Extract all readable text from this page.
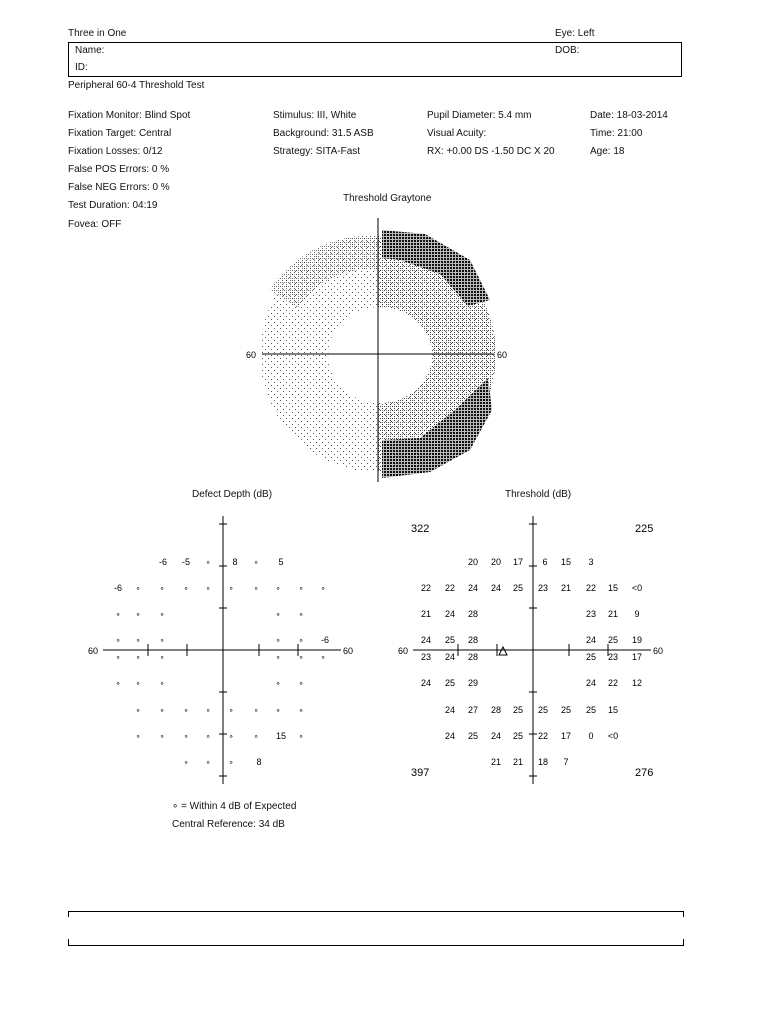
Three in One	Eye: Left
Name:	DOB:
ID:
Peripheral 60-4 Threshold Test
Fixation Monitor: Blind Spot
Fixation Target: Central
Fixation Losses: 0/12
False POS Errors: 0 %
False NEG Errors: 0 %
Test Duration: 04:19
Fovea: OFF
Stimulus: III, White
Background: 31.5 ASB
Strategy: SITA-Fast
Pupil Diameter: 5.4 mm
Visual Acuity:
RX: +0.00 DS -1.50 DC X 20
Date: 18-03-2014
Time: 21:00
Age: 18
Threshold Graytone
60	60
Defect Depth (dB)
60	60
-6 -5 ∘ 8 ∘ 5
-6 ∘ ∘ ∘ ∘ ∘ ∘ ∘ ∘ ∘
∘ ∘ ∘	∘ ∘
∘ ∘ ∘	∘ ∘ -6
∘ ∘ ∘	∘ ∘ ∘
∘ ∘ ∘	∘ ∘
∘ ∘ ∘ ∘ ∘ ∘ ∘ ∘
∘ ∘ ∘ ∘ ∘ ∘ 15 ∘
∘ ∘ ∘	8
Threshold (dB)
60	60
322	225
397	276
20 20 17 6 15 3
22 22 24 24 25 23 21 22 15 <0
21 24 28	23 21 9
24 25 28	24 25 19
23 24 28	25 23 17
24 25 29	24 22 12
24 27 28 25 25 25 25 15
24 25 24 25 22 17 0 <0
21 21 18 7
∘ = Within 4 dB of Expected
Central Reference: 34 dB
